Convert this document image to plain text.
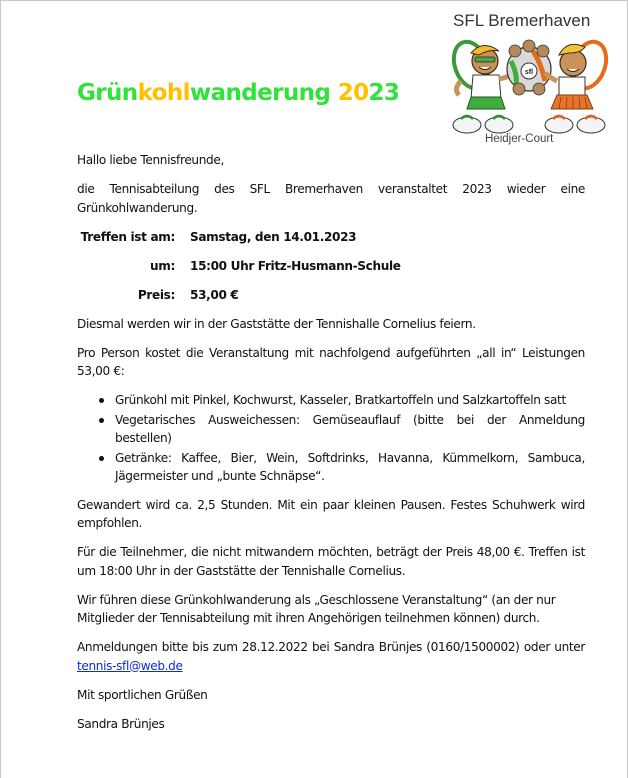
SFL Bremerhaven
sfl
Heidjer-Court
Grünkohlwanderung 2023

Hallo liebe Tennisfreunde,

die Tennisabteilung des SFL Bremerhaven veranstaltet 2023 wieder eine Grünkohlwanderung.

Treffen ist am:	Samstag, den 14.01.2023
um:	15:00 Uhr Fritz-Husmann-Schule
Preis:	53,00 €

Diesmal werden wir in der Gaststätte der Tennishalle Cornelius feiern.

Pro Person kostet die Veranstaltung mit nachfolgend aufgeführten „all in“ Leistungen 53,00 €:

Grünkohl mit Pinkel, Kochwurst, Kasseler, Bratkartoffeln und Salzkartoffeln satt
Vegetarisches Ausweichessen: Gemüseauflauf (bitte bei der Anmeldung bestellen)
Getränke: Kaffee, Bier, Wein, Softdrinks, Havanna, Kümmelkorn, Sambuca, Jägermeister und „bunte Schnäpse“.

Gewandert wird ca. 2,5 Stunden. Mit ein paar kleinen Pausen. Festes Schuhwerk wird empfohlen.

Für die Teilnehmer, die nicht mitwandern möchten, beträgt der Preis 48,00 €. Treffen ist um 18:00 Uhr in der Gaststätte der Tennishalle Cornelius.

Wir führen diese Grünkohlwanderung als „Geschlossene Veranstaltung“ (an der nur Mitglieder der Tennisabteilung mit ihren Angehörigen teilnehmen können) durch.

Anmeldungen bitte bis zum 28.12.2022 bei Sandra Brünjes (0160/1500002) oder unter tennis-sfl@web.de

Mit sportlichen Grüßen

Sandra Brünjes
